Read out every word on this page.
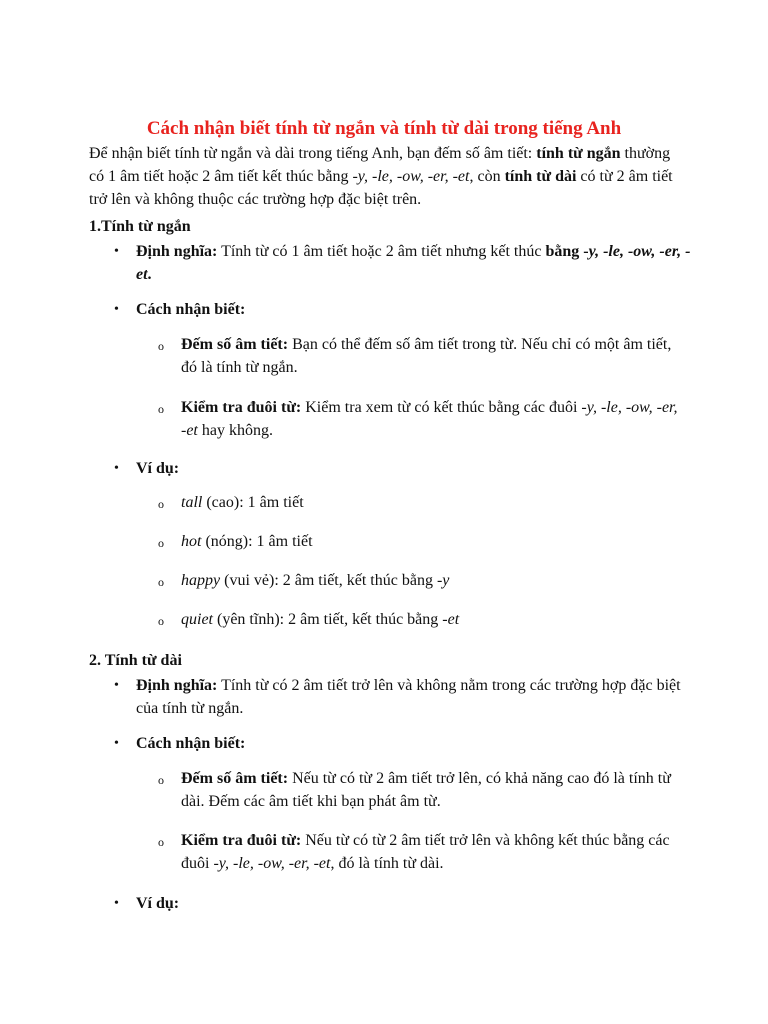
Cách nhận biết tính từ ngắn và tính từ dài trong tiếng Anh
Để nhận biết tính từ ngắn và dài trong tiếng Anh, bạn đếm số âm tiết: tính từ ngắn thường có 1 âm tiết hoặc 2 âm tiết kết thúc bằng -y, -le, -ow, -er, -et, còn tính từ dài có từ 2 âm tiết trở lên và không thuộc các trường hợp đặc biệt trên.
1.Tính từ ngắn
• Định nghĩa: Tính từ có 1 âm tiết hoặc 2 âm tiết nhưng kết thúc bằng -y, -le, -ow, -er, -et.
• Cách nhận biết:
o Đếm số âm tiết: Bạn có thể đếm số âm tiết trong từ. Nếu chỉ có một âm tiết, đó là tính từ ngắn.
o Kiểm tra đuôi từ: Kiểm tra xem từ có kết thúc bằng các đuôi -y, -le, -ow, -er, -et hay không.
• Ví dụ:
o tall (cao): 1 âm tiết
o hot (nóng): 1 âm tiết
o happy (vui vẻ): 2 âm tiết, kết thúc bằng -y
o quiet (yên tĩnh): 2 âm tiết, kết thúc bằng -et
2. Tính từ dài
• Định nghĩa: Tính từ có 2 âm tiết trở lên và không nằm trong các trường hợp đặc biệt của tính từ ngắn.
• Cách nhận biết:
o Đếm số âm tiết: Nếu từ có từ 2 âm tiết trở lên, có khả năng cao đó là tính từ dài. Đếm các âm tiết khi bạn phát âm từ.
o Kiểm tra đuôi từ: Nếu từ có từ 2 âm tiết trở lên và không kết thúc bằng các đuôi -y, -le, -ow, -er, -et, đó là tính từ dài.
• Ví dụ:
